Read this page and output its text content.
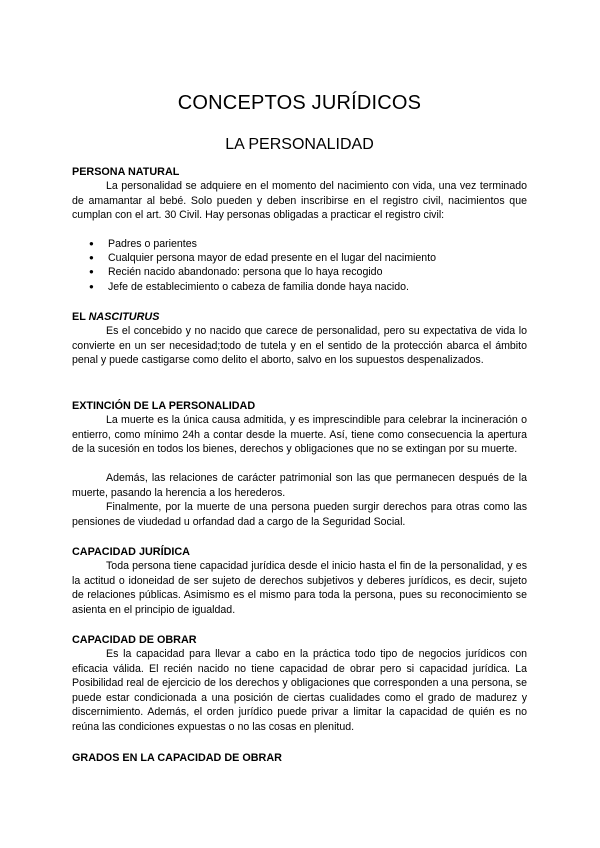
CONCEPTOS JURÍDICOS
LA PERSONALIDAD
PERSONA NATURAL

La personalidad se adquiere en el momento del nacimiento con vida, una vez terminado de amamantar al bebé. Solo pueden y deben inscribirse en el registro civil, nacimientos que cumplan con el art. 30 Civil. Hay personas obligadas a practicar el registro civil:

● Padres o parientes
● Cualquier persona mayor de edad presente en el lugar del nacimiento
● Recién nacido abandonado: persona que lo haya recogido
● Jefe de establecimiento o cabeza de familia donde haya nacido.
EL NASCITURUS

Es el concebido y no nacido que carece de personalidad, pero su expectativa de vida lo convierte en un ser necesidad;todo de tutela y en el sentido de la protección abarca el ámbito penal y puede castigarse como delito el aborto, salvo en los supuestos despenalizados.

EXTINCIÓN DE LA PERSONALIDAD

La muerte es la única causa admitida, y es imprescindible para celebrar la incineración o entierro, como mínimo 24h a contar desde la muerte. Así, tiene como consecuencia la apertura de la sucesión en todos los bienes, derechos y obligaciones que no se extingan por su muerte.

Además, las relaciones de carácter patrimonial son las que permanecen después de la muerte, pasando la herencia a los herederos.

Finalmente, por la muerte de una persona pueden surgir derechos para otras como las pensiones de viudedad u orfandad dad a cargo de la Seguridad Social.

CAPACIDAD JURÍDICA

Toda persona tiene capacidad jurídica desde el inicio hasta el fin de la personalidad, y es la actitud o idoneidad de ser sujeto de derechos subjetivos y deberes jurídicos, es decir, sujeto de relaciones públicas. Asimismo es el mismo para toda la persona, pues su reconocimiento se asienta en el principio de igualdad.

CAPACIDAD DE OBRAR

Es la capacidad para llevar a cabo en la práctica todo tipo de negocios jurídicos con eficacia válida. El recién nacido no tiene capacidad de obrar pero si capacidad jurídica. La Posibilidad real de ejercicio de los derechos y obligaciones que corresponden a una persona, se puede estar condicionada a una posición de ciertas cualidades como el grado de madurez y discernimiento. Además, el orden jurídico puede privar a limitar la capacidad de quién es no reúna las condiciones expuestas o no las cosas en plenitud.

GRADOS EN LA CAPACIDAD DE OBRAR
